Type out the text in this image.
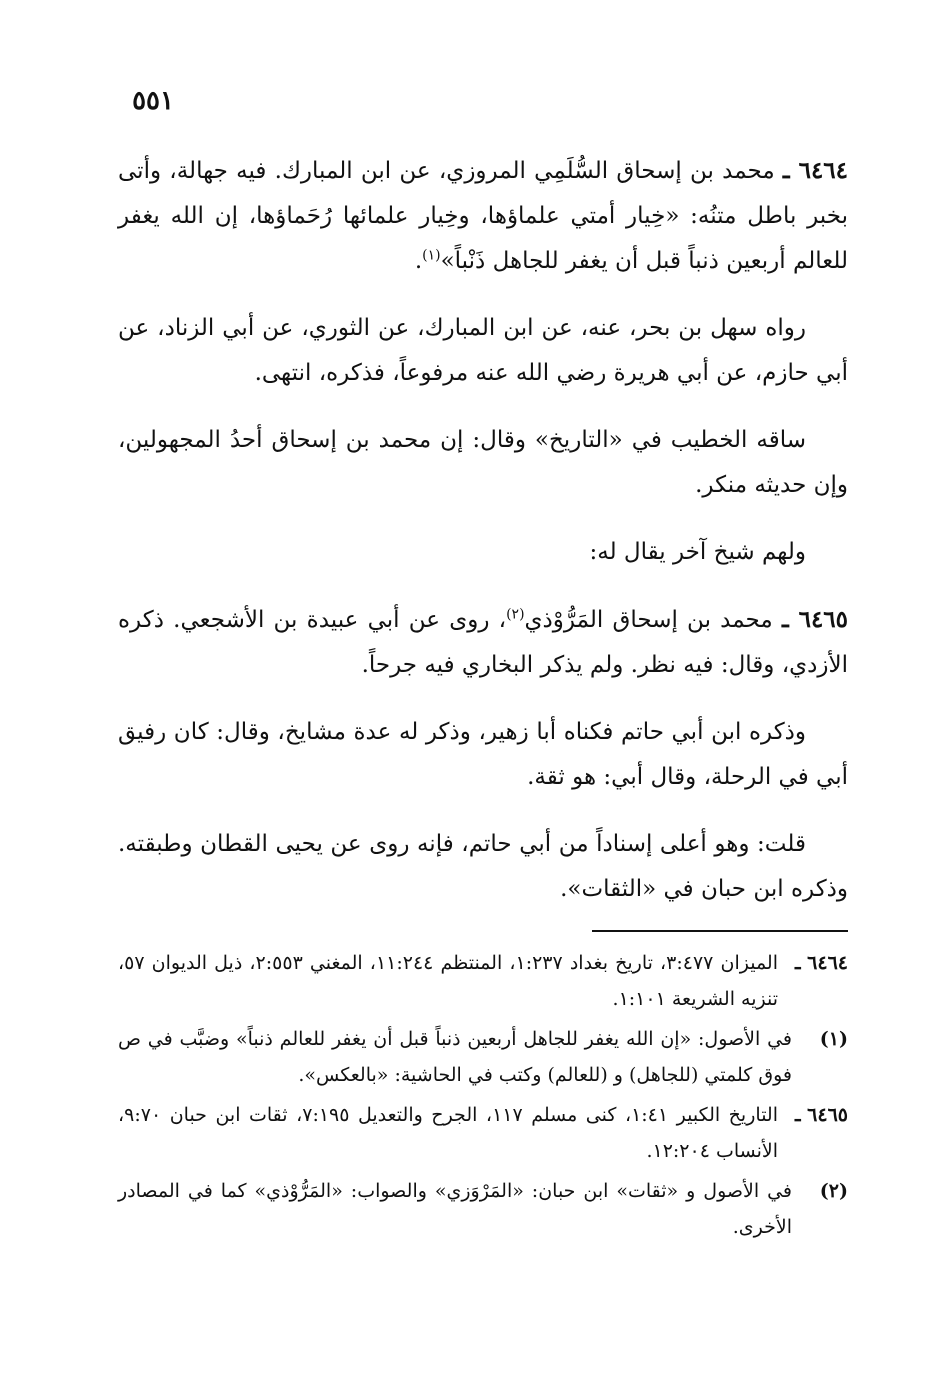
٥٥١

٦٤٦٤ ـ محمد بن إسحاق السُّلَمِي المروزي، عن ابن المبارك. فيه جهالة، وأتى بخبر باطل متنُه: «خِيار أمتي علماؤها، وخِيار علمائها رُحَماؤها، إن الله يغفر للعالم أربعين ذنباً قبل أن يغفر للجاهل ذَنْباً»$^{(١)}$.

رواه سهل بن بحر، عنه، عن ابن المبارك، عن الثوري، عن أبي الزناد، عن أبي حازم، عن أبي هريرة رضي الله عنه مرفوعاً، فذكره، انتهى.

ساقه الخطيب في «التاريخ» وقال: إن محمد بن إسحاق أحدُ المجهولين، وإن حديثه منكر.

ولهم شيخ آخر يقال له:

٦٤٦٥ ـ محمد بن إسحاق المَرُّوْذي$^{(٢)}$، روى عن أبي عبيدة بن الأشجعي. ذكره الأزدي، وقال: فيه نظر. ولم يذكر البخاري فيه جرحاً.

وذكره ابن أبي حاتم فكناه أبا زهير، وذكر له عدة مشايخ، وقال: كان رفيق أبي في الرحلة، وقال أبي: هو ثقة.

قلت: وهو أعلى إسناداً من أبي حاتم، فإنه روى عن يحيى القطان وطبقته. وذكره ابن حبان في «الثقات».

٦٤٦٤ ـ
الميزان ٣:٤٧٧، تاريخ بغداد ١:٢٣٧، المنتظم ١١:٢٤٤، المغني ٢:٥٥٣، ذيل الديوان ٥٧، تنزيه الشريعة ١:١٠١.
(١)
في الأصول: «إن الله يغفر للجاهل أربعين ذنباً قبل أن يغفر للعالم ذنباً» وضبَّب في ص فوق كلمتي (للجاهل) و (للعالم) وكتب في الحاشية: «بالعكس».
٦٤٦٥ ـ
التاريخ الكبير ١:٤١، كنى مسلم ١١٧، الجرح والتعديل ٧:١٩٥، ثقات ابن حبان ٩:٧٠، الأنساب ١٢:٢٠٤.
(٢)
في الأصول و «ثقات» ابن حبان: «المَرْوَزي» والصواب: «المَرُّوْذي» كما في المصادر الأخرى.
